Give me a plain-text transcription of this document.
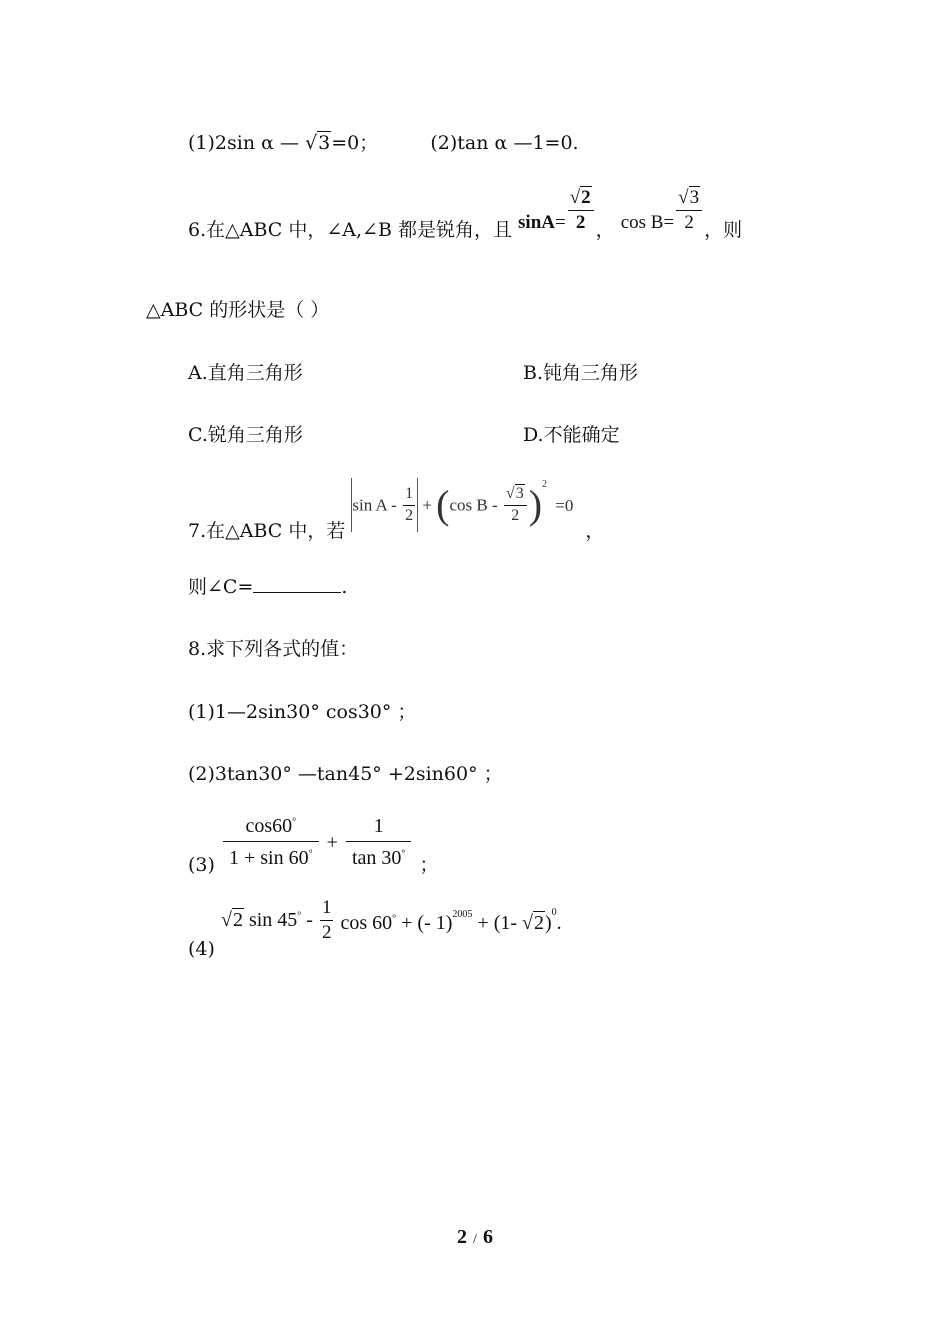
(1)2sin α — √3=0；	(2)tan α —1=0.
6.在△ABC 中，∠A,∠B 都是锐角，且 $\sin A= \frac{√2}{2}$ ， $\cos B= \frac{√3}{2}$ ，则
△ABC 的形状是（ ）
A.直角三角形	B.钝角三角形
C.锐角三角形	D.不能确定
7.在△ABC 中，若 $\sin A - \frac{1}{2} + (\cos$ $B - \frac{√3}{2} )^2 =0$ ，
则∠C=	.
8.求下列各式的值：
(1)1—2sin30° cos30° ；
(2)3tan30° —tan45° +2sin60° ；
$(3) \frac{\cos 60^\circ}{1 + \sin 60^\circ} + \frac{1}{\tan 30^\circ}$ ；
(4) √2 $\sin 45^\circ - \frac{1}{2}$ cos 60° + (- 1)$^{2005}$ + (1- √2)$^0$.
2 / 6
